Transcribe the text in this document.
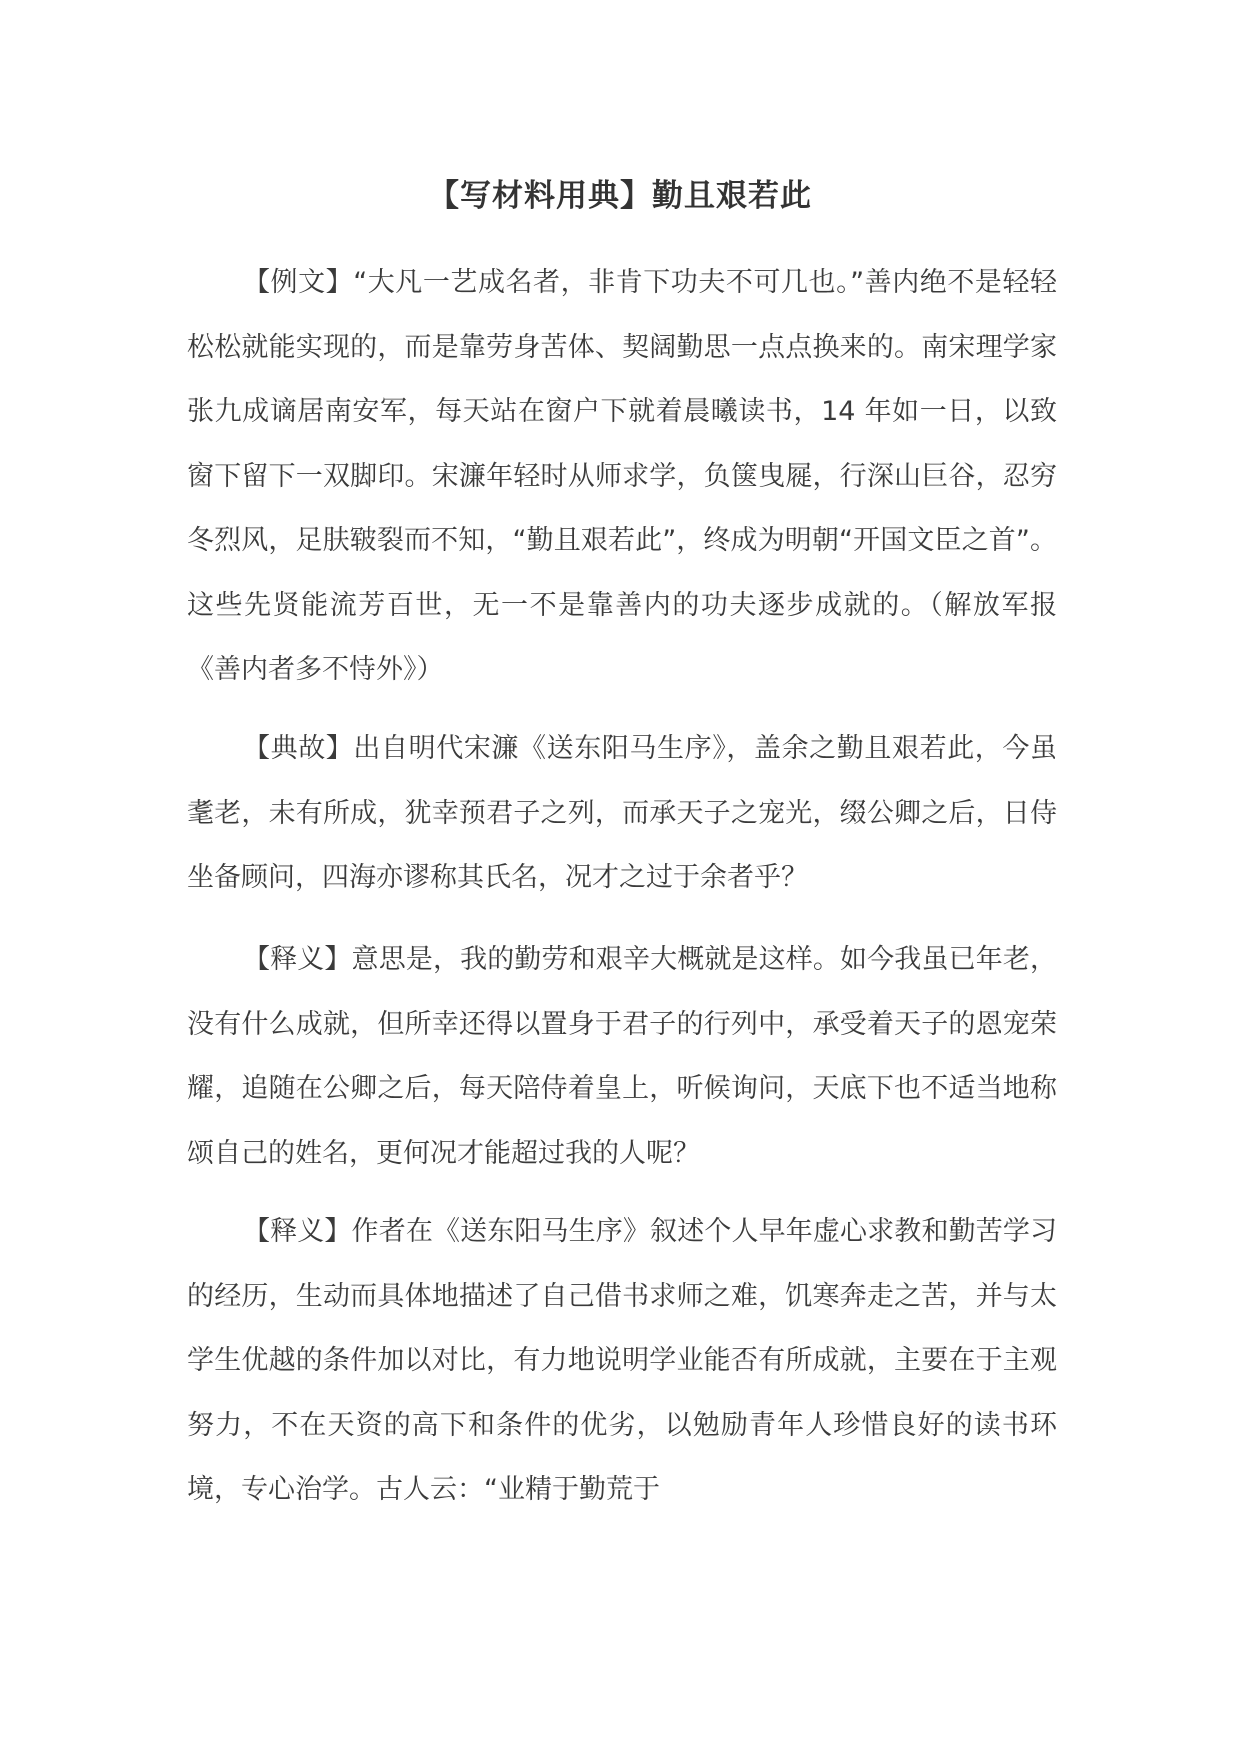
【写材料用典】勤且艰若此

【例文】“大凡一艺成名者，非肯下功夫不可几也。”善内绝不是轻轻松松就能实现的，而是靠劳身苦体、契阔勤思一点点换来的。南宋理学家张九成谪居南安军，每天站在窗户下就着晨曦读书，14 年如一日，以致窗下留下一双脚印。宋濂年轻时从师求学，负箧曳屣，行深山巨谷，忍穷冬烈风，足肤皲裂而不知，“勤且艰若此”，终成为明朝“开国文臣之首”。这些先贤能流芳百世，无一不是靠善内的功夫逐步成就的。（解放军报《善内者多不恃外》）

【典故】出自明代宋濂《送东阳马生序》，盖余之勤且艰若此，今虽耄老，未有所成，犹幸预君子之列，而承天子之宠光，缀公卿之后，日侍坐备顾问，四海亦谬称其氏名，况才之过于余者乎？

【释义】意思是，我的勤劳和艰辛大概就是这样。如今我虽已年老，没有什么成就，但所幸还得以置身于君子的行列中，承受着天子的恩宠荣耀，追随在公卿之后，每天陪侍着皇上，听候询问，天底下也不适当地称颂自己的姓名，更何况才能超过我的人呢？

【释义】作者在《送东阳马生序》叙述个人早年虚心求教和勤苦学习的经历，生动而具体地描述了自己借书求师之难，饥寒奔走之苦，并与太学生优越的条件加以对比，有力地说明学业能否有所成就，主要在于主观努力，不在天资的高下和条件的优劣，以勉励青年人珍惜良好的读书环境，专心治学。古人云：“业精于勤荒于
